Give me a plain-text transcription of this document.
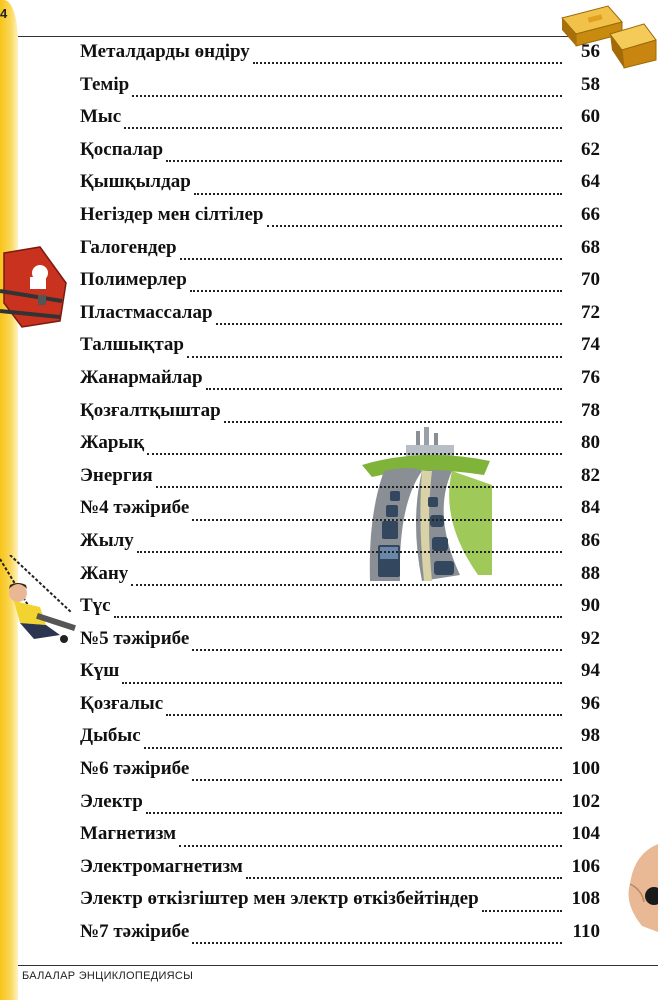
4
Металдарды өндіру	56
Темір	58
Мыс	60
Қоспалар	62
Қышқылдар	64
Негіздер мен сілтілер	66
Галогендер	68
Полимерлер	70
Пластмассалар	72
Талшықтар	74
Жанармайлар	76
Қозғалтқыштар	78
Жарық	80
Энергия	82
№4 тәжірибе	84
Жылу	86
Жану	88
Түс	90
№5 тәжірибе	92
Күш	94
Қозғалыс	96
Дыбыс	98
№6 тәжірибе	100
Электр	102
Магнетизм	104
Электромагнетизм	106
Электр өткізгіштер мен электр өткізбейтіндер	108
№7 тәжірибе	110
БАЛАЛАР ЭНЦИКЛОПЕДИЯСЫ
